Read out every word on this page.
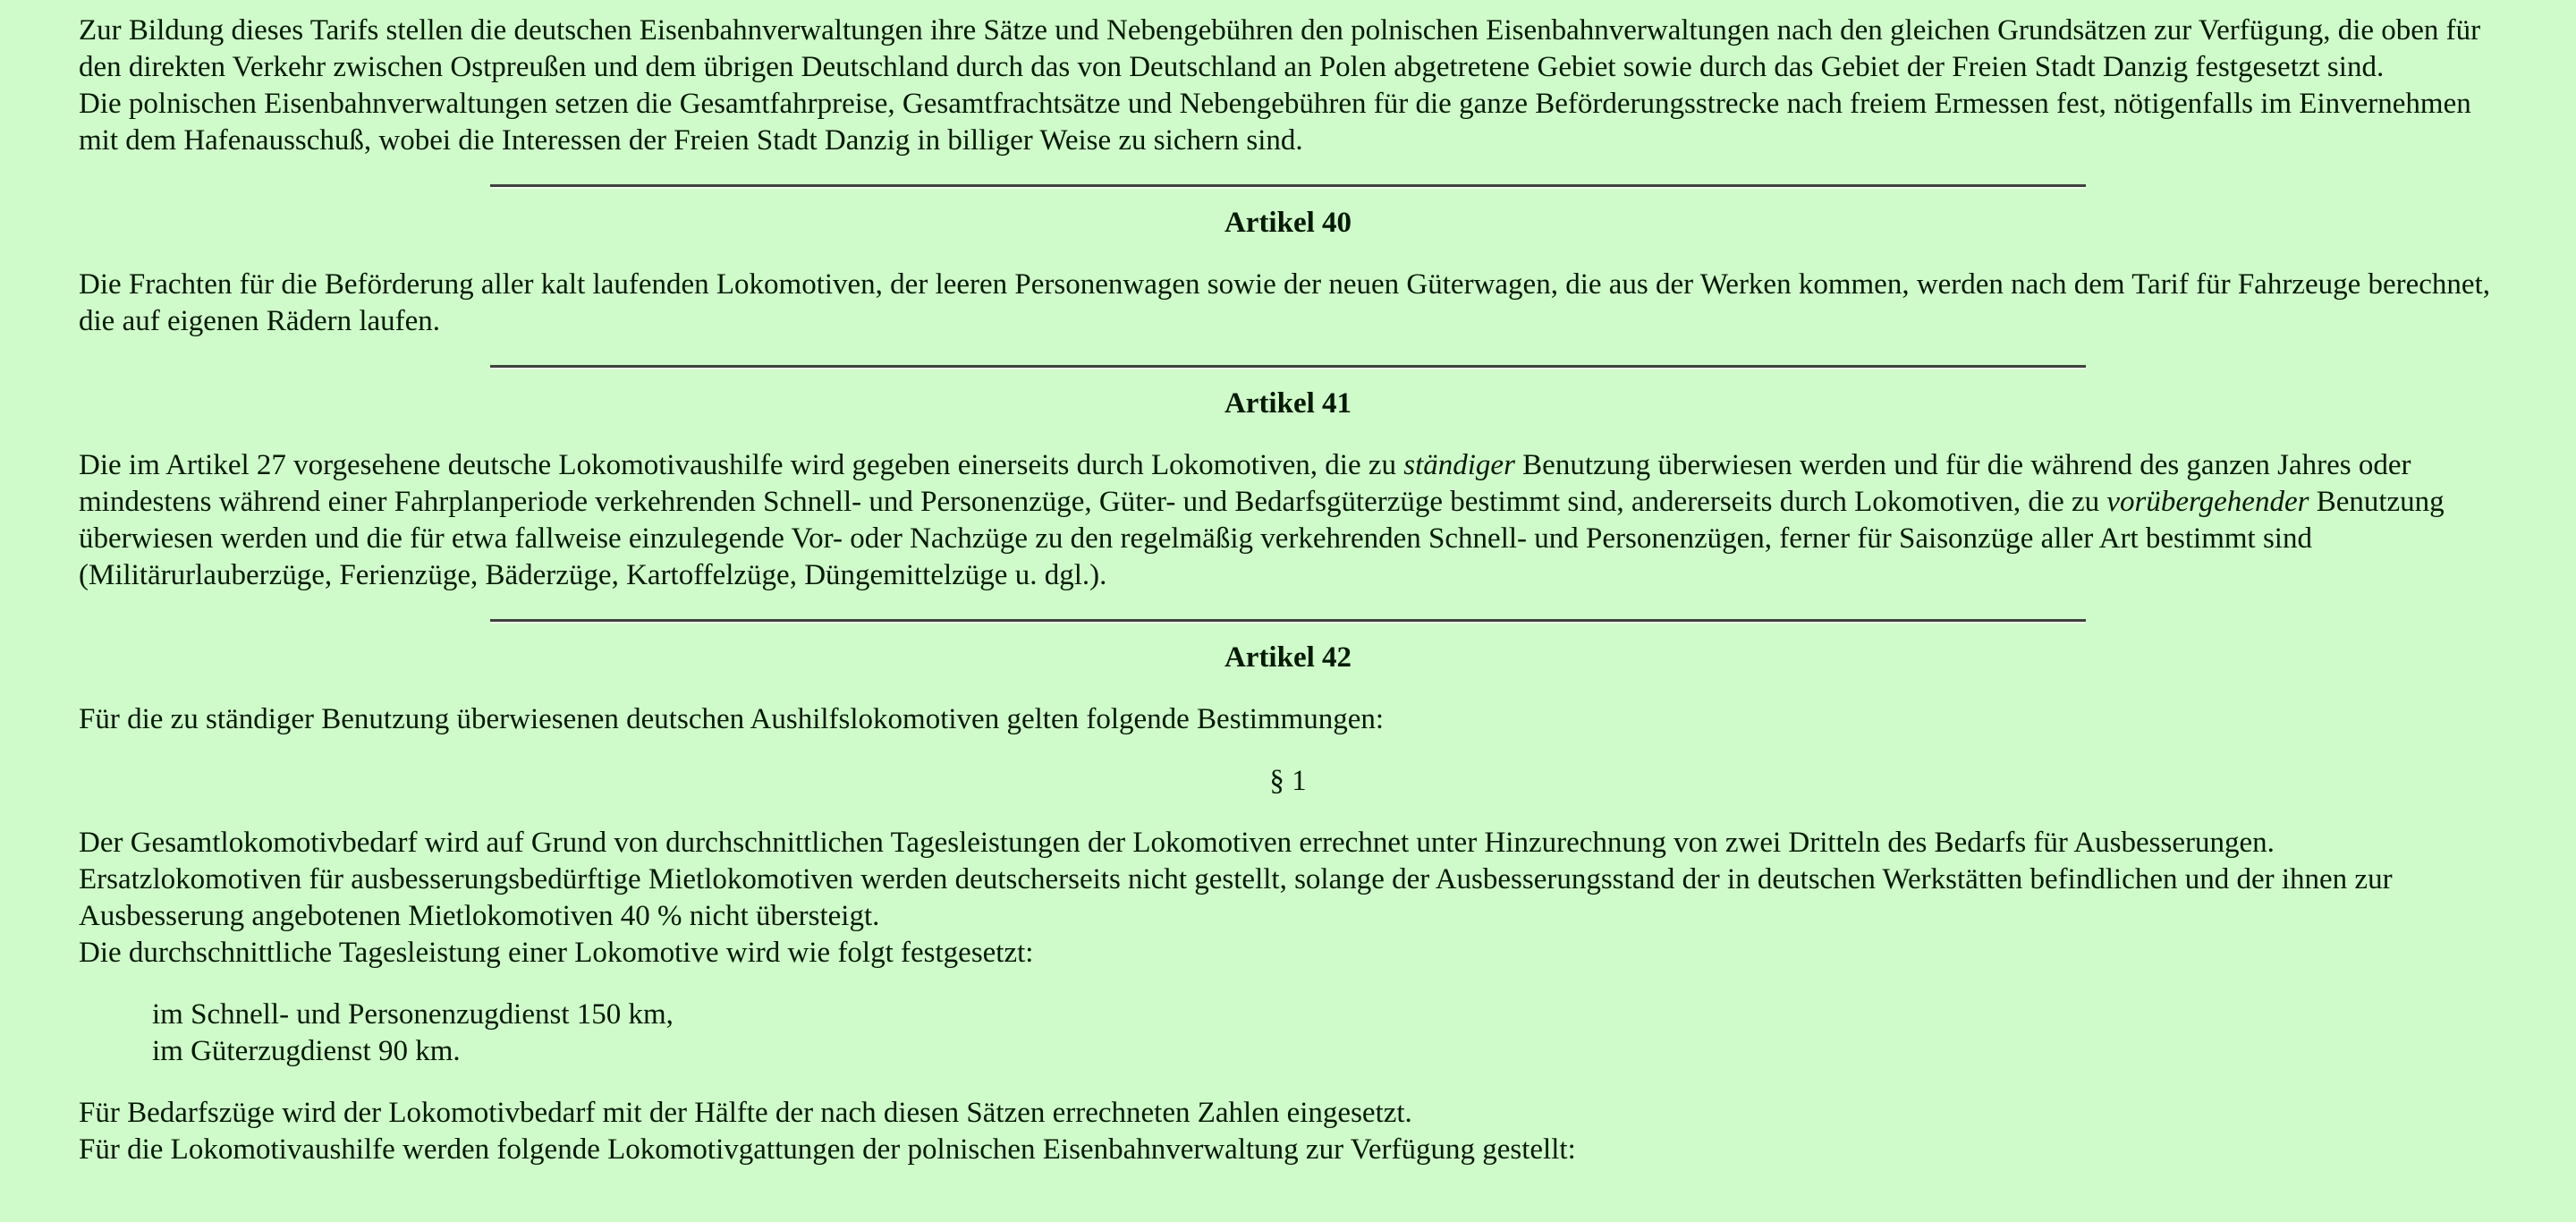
Zur Bildung dieses Tarifs stellen die deutschen Eisenbahnverwaltungen ihre Sätze und Nebengebühren den polnischen Eisenbahnverwaltungen nach den gleichen Grundsätzen zur Verfügung, die oben für den direkten Verkehr zwischen Ostpreußen und dem übrigen Deutschland durch das von Deutschland an Polen abgetretene Gebiet sowie durch das Gebiet der Freien Stadt Danzig festgesetzt sind.
Die polnischen Eisenbahnverwaltungen setzen die Gesamtfahrpreise, Gesamtfrachtsätze und Nebengebühren für die ganze Beförderungsstrecke nach freiem Ermessen fest, nötigenfalls im Einvernehmen mit dem Hafenausschuß, wobei die Interessen der Freien Stadt Danzig in billiger Weise zu sichern sind.
Artikel 40
Die Frachten für die Beförderung aller kalt laufenden Lokomotiven, der leeren Personenwagen sowie der neuen Güterwagen, die aus der Werken kommen, werden nach dem Tarif für Fahrzeuge berechnet, die auf eigenen Rädern laufen.
Artikel 41
Die im Artikel 27 vorgesehene deutsche Lokomotivaushilfe wird gegeben einerseits durch Lokomotiven, die zu ständiger Benutzung überwiesen werden und für die während des ganzen Jahres oder mindestens während einer Fahrplanperiode verkehrenden Schnell- und Personenzüge, Güter- und Bedarfsgüterzüge bestimmt sind, andererseits durch Lokomotiven, die zu vorübergehender Benutzung überwiesen werden und die für etwa fallweise einzulegende Vor- oder Nachzüge zu den regelmäßig verkehrenden Schnell- und Personenzügen, ferner für Saisonzüge aller Art bestimmt sind (Militärurlauberzüge, Ferienzüge, Bäderzüge, Kartoffelzüge, Düngemittelzüge u. dgl.).
Artikel 42
Für die zu ständiger Benutzung überwiesenen deutschen Aushilfslokomotiven gelten folgende Bestimmungen:
§ 1
Der Gesamtlokomotivbedarf wird auf Grund von durchschnittlichen Tagesleistungen der Lokomotiven errechnet unter Hinzurechnung von zwei Dritteln des Bedarfs für Ausbesserungen.
Ersatzlokomotiven für ausbesserungsbedürftige Mietlokomotiven werden deutscherseits nicht gestellt, solange der Ausbesserungsstand der in deutschen Werkstätten befindlichen und der ihnen zur Ausbesserung angebotenen Mietlokomotiven 40 % nicht übersteigt.
Die durchschnittliche Tagesleistung einer Lokomotive wird wie folgt festgesetzt:
im Schnell- und Personenzugdienst 150 km,
im Güterzugdienst 90 km.
Für Bedarfszüge wird der Lokomotivbedarf mit der Hälfte der nach diesen Sätzen errechneten Zahlen eingesetzt.
Für die Lokomotivaushilfe werden folgende Lokomotivgattungen der polnischen Eisenbahnverwaltung zur Verfügung gestellt:
